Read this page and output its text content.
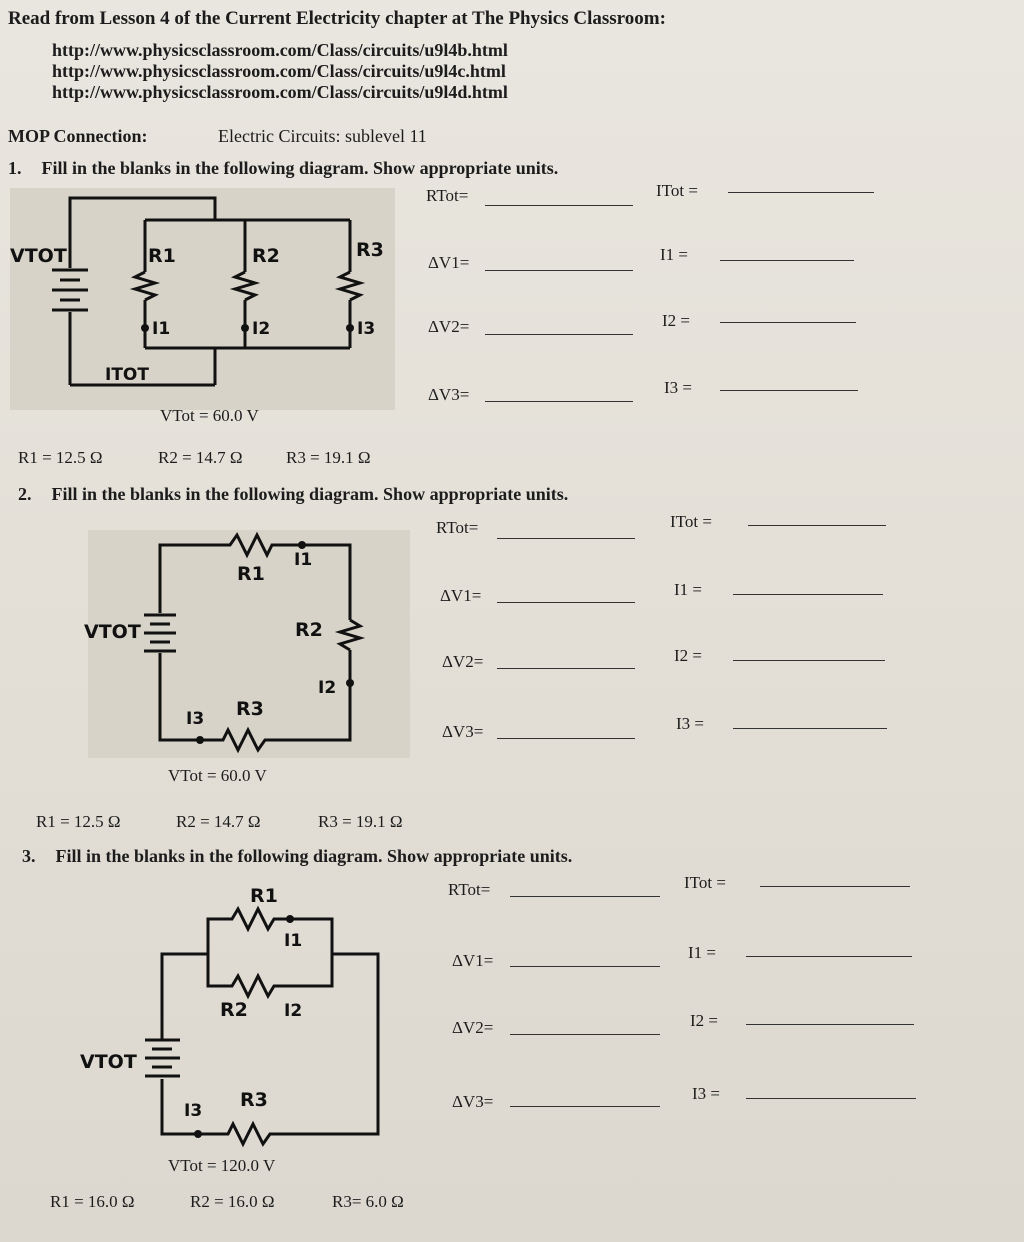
Read from Lesson 4 of the Current Electricity chapter at The Physics Classroom:
http://www.physicsclassroom.com/Class/circuits/u9l4b.html
http://www.physicsclassroom.com/Class/circuits/u9l4c.html
http://www.physicsclassroom.com/Class/circuits/u9l4d.html
MOP Connection:	Electric Circuits: sublevel 11
1. Fill in the blanks in the following diagram. Show appropriate units.
VTOT	R1	R2	R3
I1	I2	I3
ITOT
VTot = 60.0 V
R1 = 12.5 Ω	R2 = 14.7 Ω	R3 = 19.1 Ω
RTot=
ΔV1=
ΔV2=
ΔV3=
ITot =
I1 =
I2 =
I3 =
2. Fill in the blanks in the following diagram. Show appropriate units.
R1
I1
VTOT	R2
I2
I3 R3
VTot = 60.0 V
R1 = 12.5 Ω	R2 = 14.7 Ω	R3 = 19.1 Ω
RTot=
ΔV1=
ΔV2=
ΔV3=
ITot =
I1 =
I2 =
I3 =
3. Fill in the blanks in the following diagram. Show appropriate units.
R1
I1
R2 I2
VTOT
I3 R3
VTot = 120.0 V
R1 = 16.0 Ω	R2 = 16.0 Ω	R3= 6.0 Ω
RTot=
ΔV1=
ΔV2=
ΔV3=
ITot =
I1 =
I2 =
I3 =
